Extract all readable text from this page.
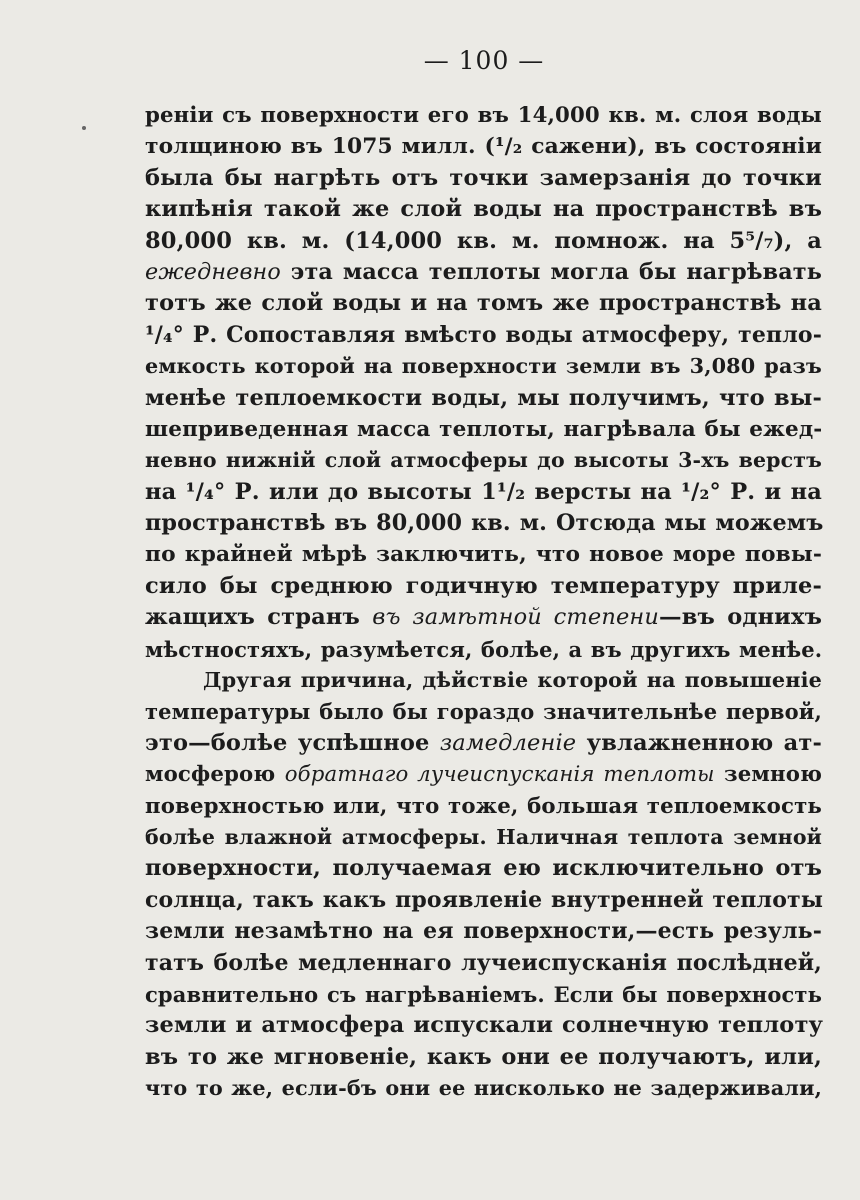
— 100 —
реніи съ поверхности его въ 14,000 кв. м. слоя воды
толщиною въ 1075 милл. (¹/₂ сажени), въ состояніи
была бы нагрѣть отъ точки замерзанія до точки
кипѣнія такой же слой воды на пространствѣ въ
80,000 кв. м. (14,000 кв. м. помнож. на 5⁵/₇), а
ежедневно эта масса теплоты могла бы нагрѣвать
тотъ же слой воды и на томъ же пространствѣ на
¹/₄° Р. Сопоставляя вмѣсто воды атмосферу, тепло-
емкость которой на поверхности земли въ 3,080 разъ
менѣе теплоемкости воды, мы получимъ, что вы-
шеприведенная масса теплоты, нагрѣвала бы ежед-
невно нижній слой атмосферы до высоты 3-хъ верстъ
на ¹/₄° Р. или до высоты 1¹/₂ версты на ¹/₂° Р. и на
пространствѣ въ 80,000 кв. м. Отсюда мы можемъ
по крайней мѣрѣ заключить, что новое море повы-
сило бы среднюю годичную температуру приле-
жащихъ странъ въ замѣтной степени—въ однихъ
мѣстностяхъ, разумѣется, болѣе, а въ другихъ менѣе.
Другая причина, дѣйствіе которой на повышеніе
температуры было бы гораздо значительнѣе первой,
это—болѣе успѣшное замедленіе увлажненною ат-
мосферою обратнаго лучеиспусканія теплоты земною
поверхностью или, что тоже, большая теплоемкость
болѣе влажной атмосферы. Наличная теплота земной
поверхности, получаемая ею исключительно отъ
солнца, такъ какъ проявленіе внутренней теплоты
земли незамѣтно на ея поверхности,—есть резуль-
татъ болѣе медленнаго лучеиспусканія послѣдней,
сравнительно съ нагрѣваніемъ. Если бы поверхность
земли и атмосфера испускали солнечную теплоту
въ то же мгновеніе, какъ они ее получаютъ, или,
что то же, если-бъ они ее нисколько не задерживали,
